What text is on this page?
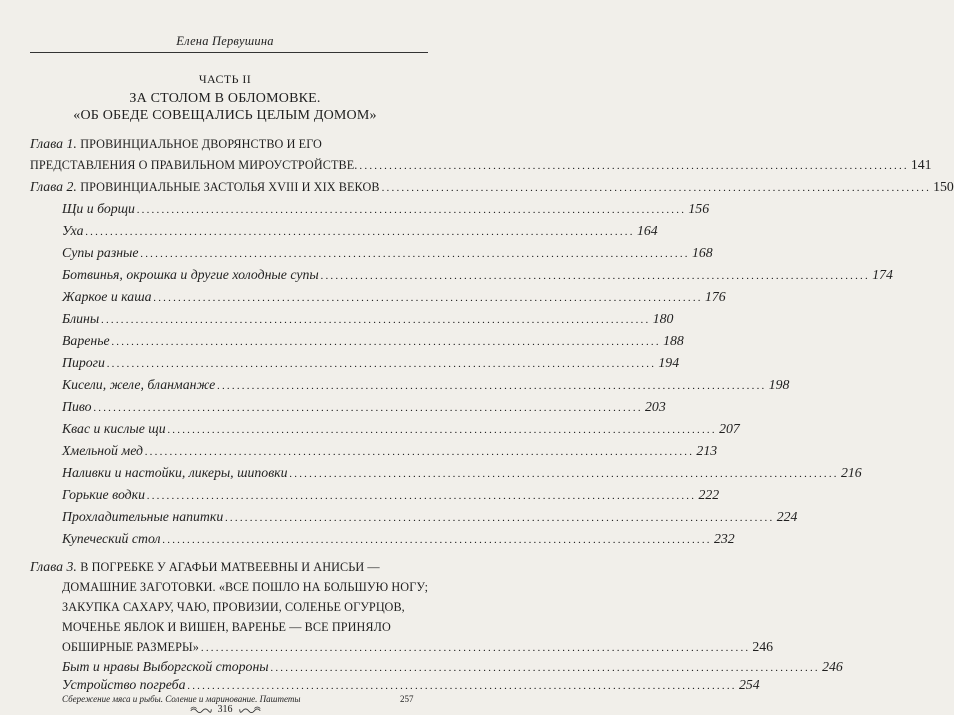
Елена Первушина
ЧАСТЬ II
ЗА СТОЛОМ В ОБЛОМОВКЕ.
«ОБ ОБЕДЕ СОВЕЩАЛИСЬ ЦЕЛЫМ ДОМОМ»
Глава 1. ПРОВИНЦИАЛЬНОЕ ДВОРЯНСТВО И ЕГО
ПРЕДСТАВЛЕНИЯ О ПРАВИЛЬНОМ МИРОУСТРОЙСТВЕ. ............................................................................................................... 141
Глава 2. ПРОВИНЦИАЛЬНЫЕ ЗАСТОЛЬЯ XVIII И XIX ВЕКОВ ............................................................................................................... 150
Щи и борщи ............................................................................................................... 156
Уха ............................................................................................................... 164
Супы разные ............................................................................................................... 168
Ботвинья, окрошка и другие холодные супы ............................................................................................................... 174
Жаркое и каша ............................................................................................................... 176
Блины ............................................................................................................... 180
Варенье ............................................................................................................... 188
Пироги ............................................................................................................... 194
Кисели, желе, бланманже ............................................................................................................... 198
Пиво ............................................................................................................... 203
Квас и кислые щи ............................................................................................................... 207
Хмельной мед ............................................................................................................... 213
Наливки и настойки, ликеры, шиповки ............................................................................................................... 216
Горькие водки ............................................................................................................... 222
Прохладительные напитки ............................................................................................................... 224
Купеческий стол ............................................................................................................... 232
Глава 3. В ПОГРЕБКЕ У АГАФЬИ МАТВЕЕВНЫ И АНИСЬИ —
ДОМАШНИЕ ЗАГОТОВКИ. «ВСЕ ПОШЛО НА БОЛЬШУЮ НОГУ;
ЗАКУПКА САХАРУ, ЧАЮ, ПРОВИЗИИ, СОЛЕНЬЕ ОГУРЦОВ,
МОЧЕНЬЕ ЯБЛОК И ВИШЕН, ВАРЕНЬЕ — ВСЕ ПРИНЯЛО
ОБШИРНЫЕ РАЗМЕРЫ» ............................................................................................................... 246
Быт и нравы Выборгской стороны ............................................................................................................... 246
Устройство погреба ............................................................................................................... 254
Сбережение мяса и рыбы. Соление и маринование. Паштеты	257
316
